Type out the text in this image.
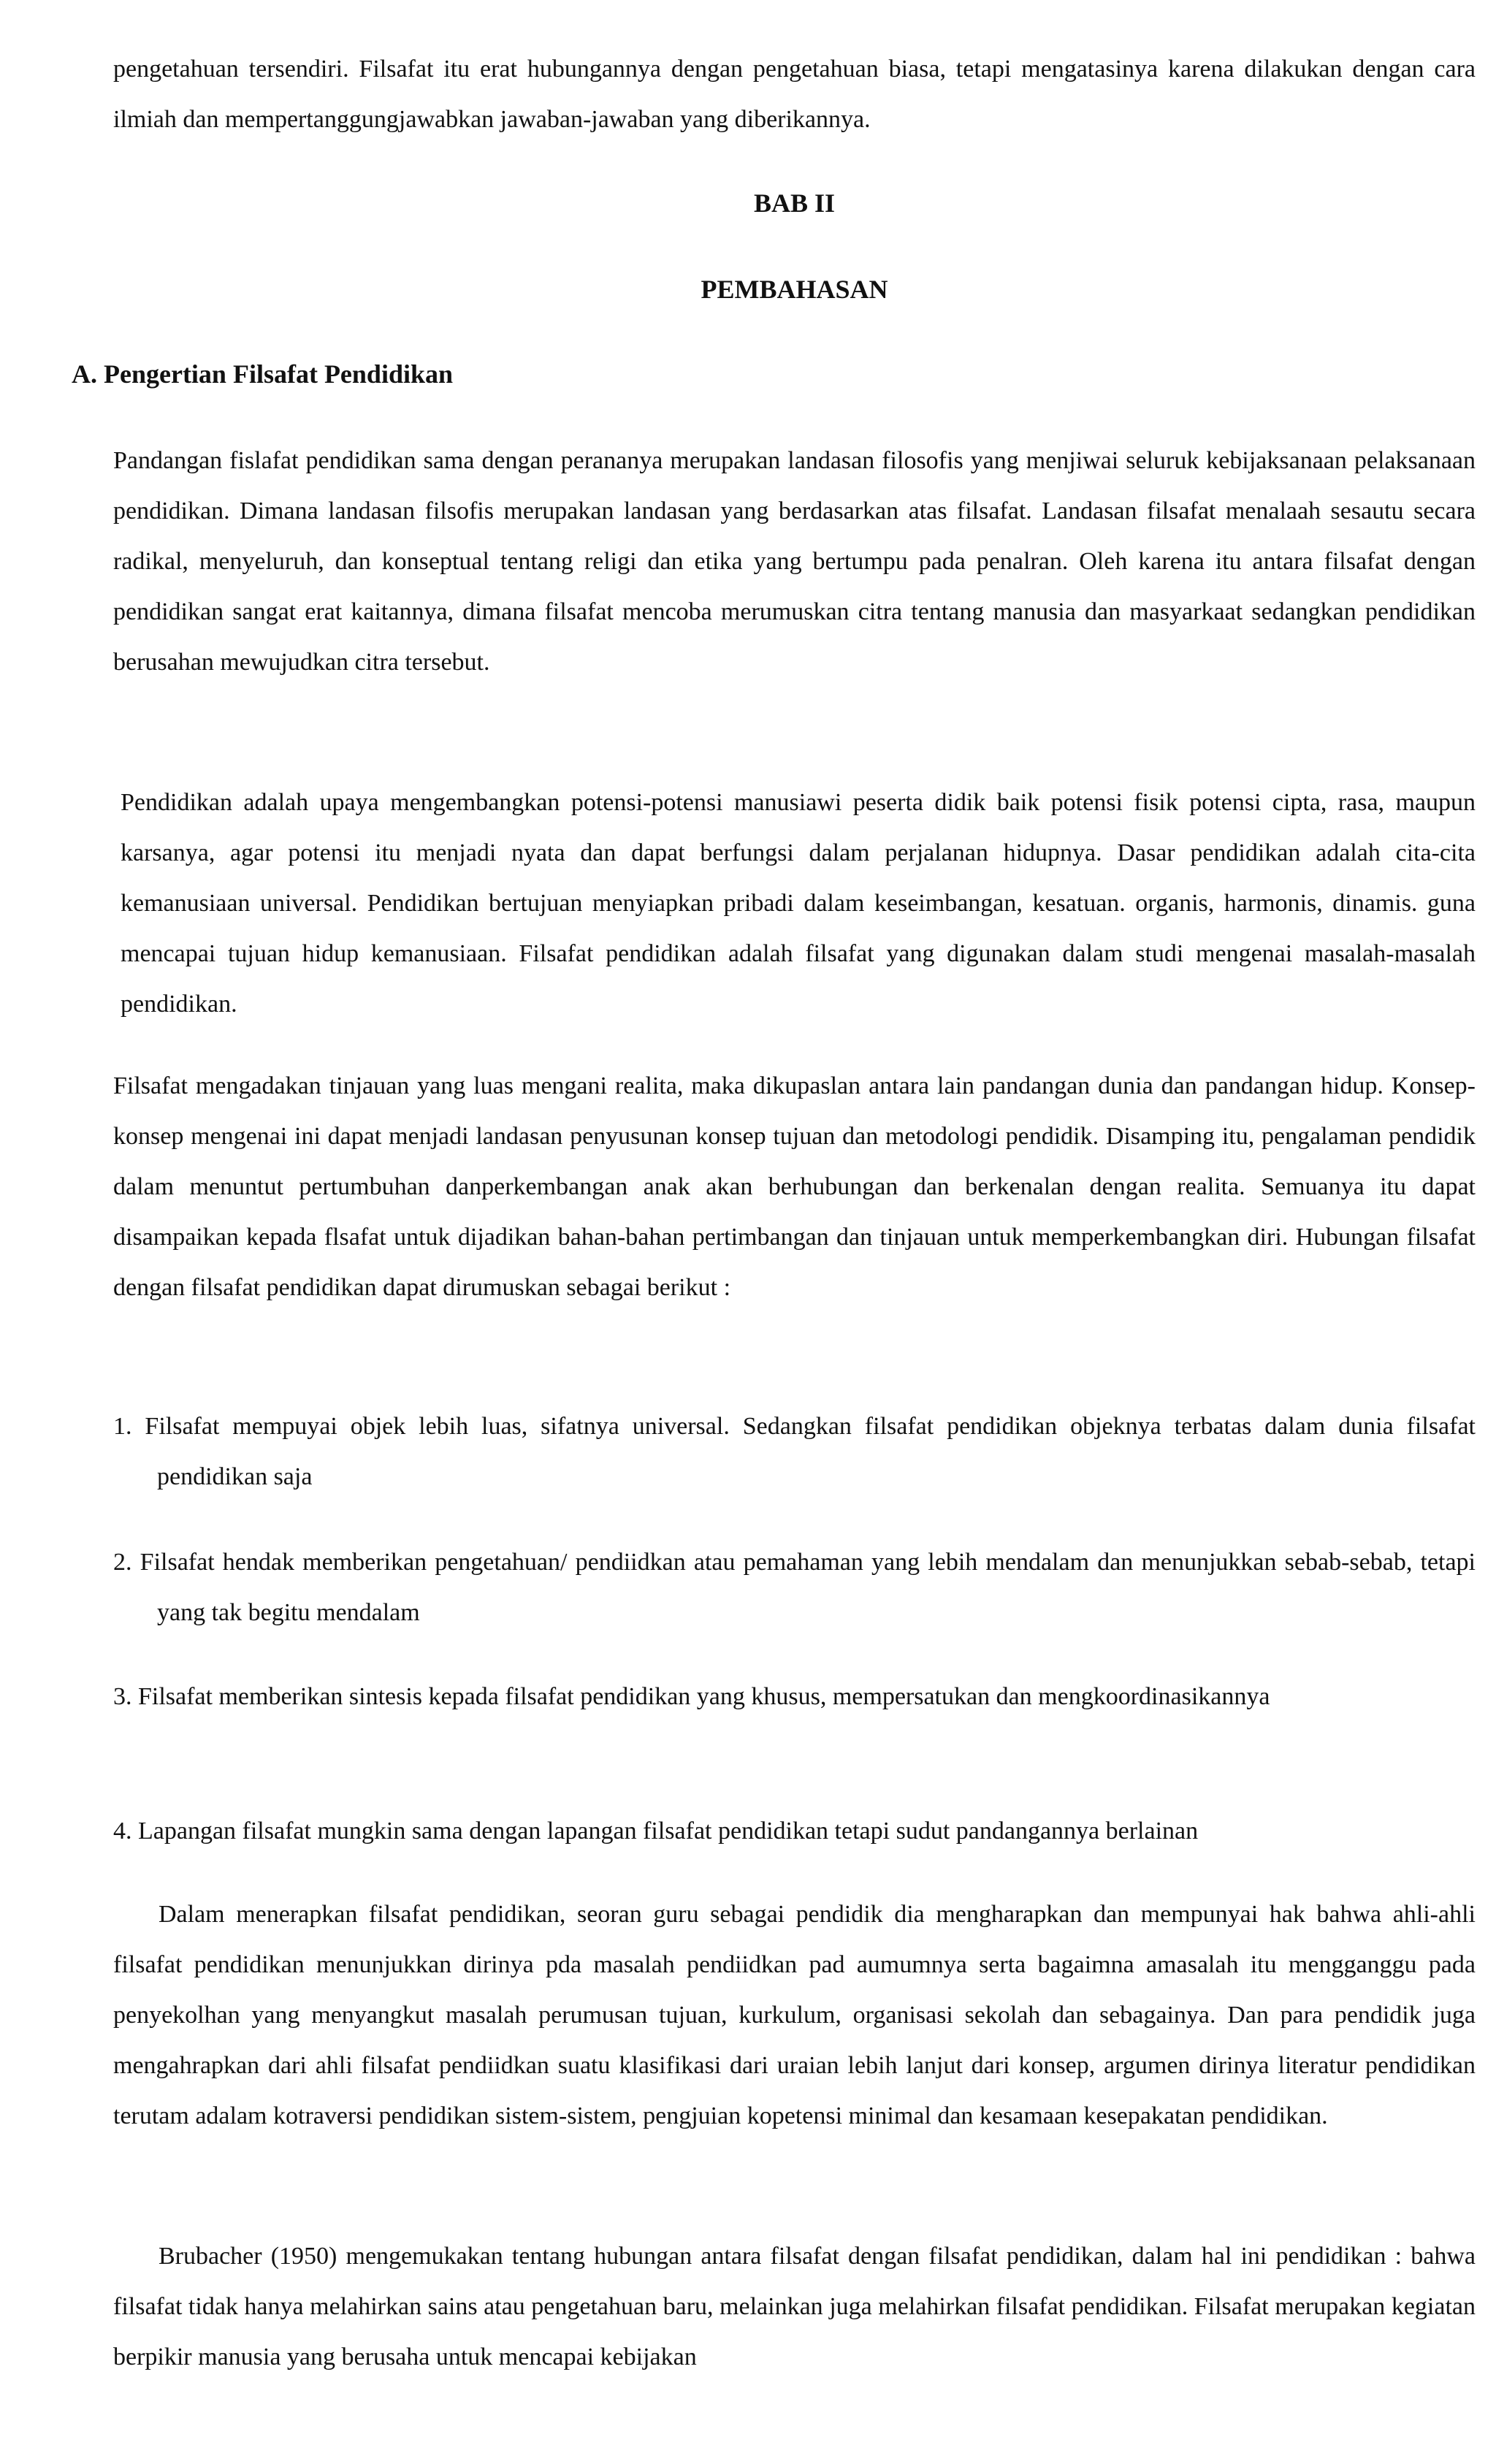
pengetahuan tersendiri. Filsafat itu erat hubungannya dengan pengetahuan biasa, tetapi mengatasinya karena dilakukan dengan cara ilmiah dan mempertanggungjawabkan jawaban-jawaban yang diberikannya.

BAB II
PEMBAHASAN
A. Pengertian Filsafat Pendidikan

Pandangan fislafat pendidikan sama dengan perananya merupakan landasan filosofis yang menjiwai seluruk kebijaksanaan pelaksanaan pendidikan. Dimana landasan filsofis merupakan landasan yang berdasarkan atas filsafat. Landasan filsafat menalaah sesautu secara radikal, menyeluruh, dan konseptual tentang religi dan etika yang bertumpu pada penalran. Oleh karena itu antara filsafat dengan pendidikan sangat erat kaitannya, dimana filsafat mencoba merumuskan citra tentang manusia dan masyarkaat sedangkan pendidikan berusahan mewujudkan citra tersebut.

Pendidikan adalah upaya mengembangkan potensi-potensi manusiawi peserta didik baik potensi fisik potensi cipta, rasa, maupun karsanya, agar potensi itu menjadi nyata dan dapat berfungsi dalam perjalanan hidupnya. Dasar pendidikan adalah cita-cita kemanusiaan universal. Pendidikan bertujuan menyiapkan pribadi dalam keseimbangan, kesatuan. organis, harmonis, dinamis. guna mencapai tujuan hidup kemanusiaan. Filsafat pendidikan adalah filsafat yang digunakan dalam studi mengenai masalah-masalah pendidikan.

Filsafat mengadakan tinjauan yang luas mengani realita, maka dikupaslan antara lain pandangan dunia dan pandangan hidup. Konsep-konsep mengenai ini dapat menjadi landasan penyusunan konsep tujuan dan metodologi pendidik. Disamping itu, pengalaman pendidik dalam menuntut pertumbuhan danperkembangan anak akan berhubungan dan berkenalan dengan realita. Semuanya itu dapat disampaikan kepada flsafat untuk dijadikan bahan-bahan pertimbangan dan tinjauan untuk memperkembangkan diri. Hubungan filsafat dengan filsafat pendidikan dapat dirumuskan sebagai berikut :

1. Filsafat mempuyai objek lebih luas, sifatnya universal. Sedangkan filsafat pendidikan objeknya terbatas dalam dunia filsafat pendidikan saja

2. Filsafat hendak memberikan pengetahuan/ pendiidkan atau pemahaman yang lebih mendalam dan menunjukkan sebab-sebab, tetapi yang tak begitu mendalam

3. Filsafat memberikan sintesis kepada filsafat pendidikan yang khusus, mempersatukan dan mengkoordinasikannya

4. Lapangan filsafat mungkin sama dengan lapangan filsafat pendidikan tetapi sudut pandangannya berlainan

Dalam menerapkan filsafat pendidikan, seoran guru sebagai pendidik dia mengharapkan dan mempunyai hak bahwa ahli-ahli filsafat pendidikan menunjukkan dirinya pda masalah pendiidkan pad aumumnya serta bagaimna amasalah itu mengganggu pada penyekolhan yang menyangkut masalah perumusan tujuan, kurkulum, organisasi sekolah dan sebagainya. Dan para pendidik juga mengahrapkan dari ahli filsafat pendiidkan suatu klasifikasi dari uraian lebih lanjut dari konsep, argumen dirinya literatur pendidikan terutam adalam kotraversi pendidikan sistem-sistem, pengjuian kopetensi minimal dan kesamaan kesepakatan pendidikan.

Brubacher (1950) mengemukakan tentang hubungan antara filsafat dengan filsafat pendidikan, dalam hal ini pendidikan : bahwa filsafat tidak hanya melahirkan sains atau pengetahuan baru, melainkan juga melahirkan filsafat pendidikan. Filsafat merupakan kegiatan berpikir manusia yang berusaha untuk mencapai kebijakan
